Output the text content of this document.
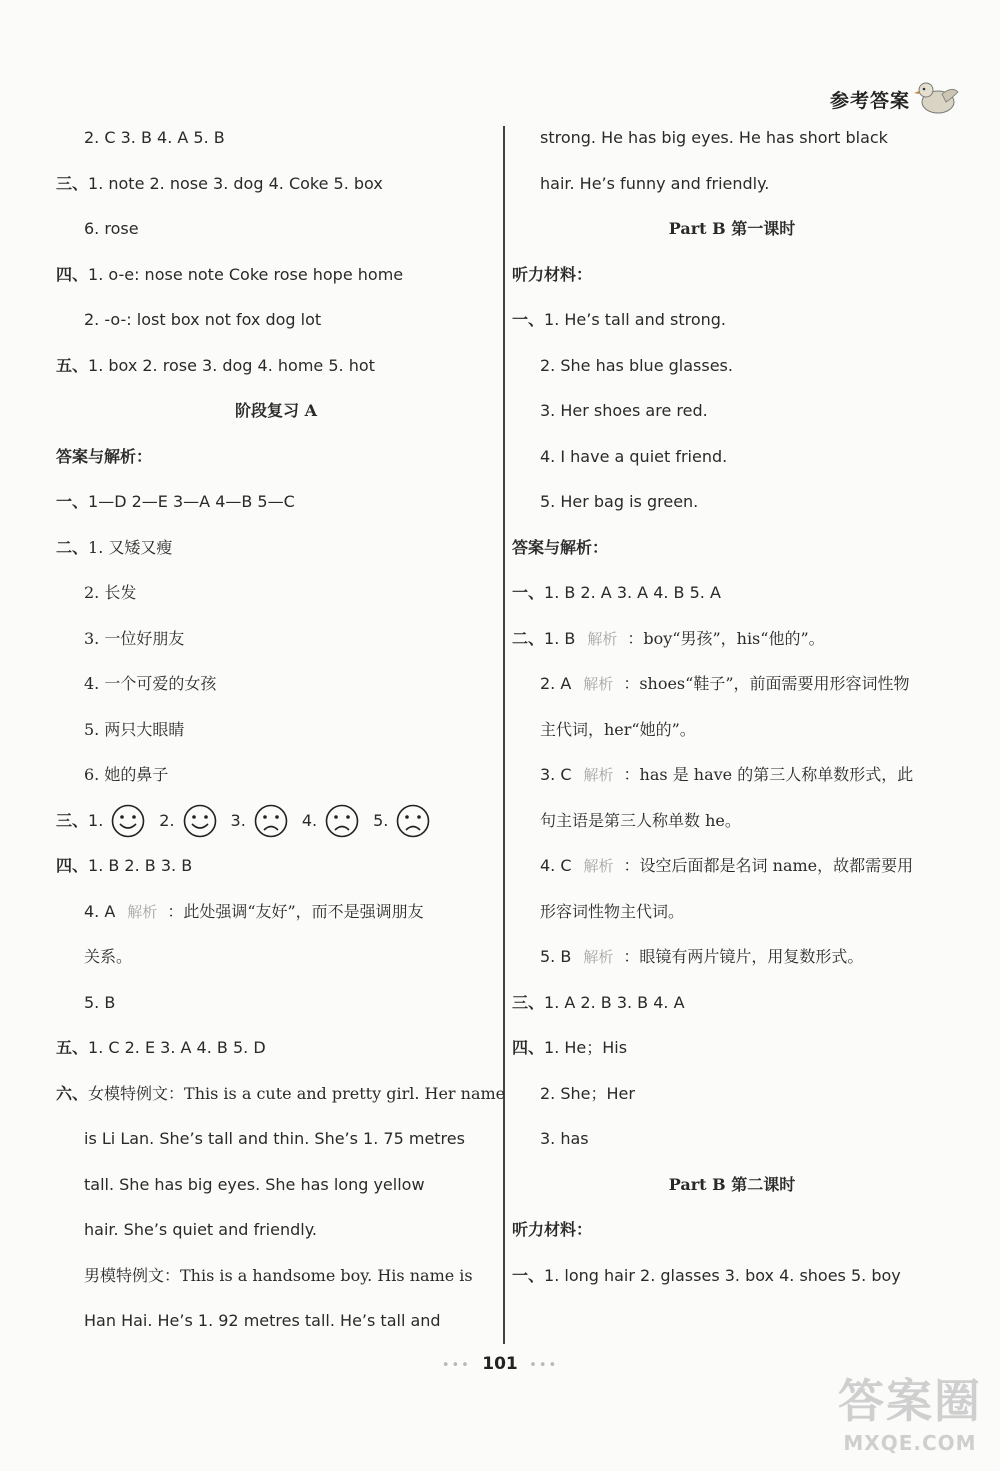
参考答案
2. C 3. B 4. A 5. B
三、1. note 2. nose 3. dog 4. Coke 5. box
6. rose
四、1. o-e: nose note Coke rose hope home
2. -o-: lost box not fox dog lot
五、1. box 2. rose 3. dog 4. home 5. hot
阶段复习 A
答案与解析：
一、1—D 2—E 3—A 4—B 5—C
二、1. 又矮又瘦
2. 长发
3. 一位好朋友
4. 一个可爱的女孩
5. 两只大眼睛
6. 她的鼻子
三、1.	2.	3.	4.	5.
四、1. B 2. B 3. B
4. A 解析 ：此处强调“友好”，而不是强调朋友
关系。
5. B
五、1. C 2. E 3. A 4. B 5. D
六、女模特例文：This is a cute and pretty girl. Her name
is Li Lan. She’s tall and thin. She’s 1. 75 metres
tall. She has big eyes. She has long yellow
hair. She’s quiet and friendly.
男模特例文：This is a handsome boy. His name is
Han Hai. He’s 1. 92 metres tall. He’s tall and
strong. He has big eyes. He has short black
hair. He’s funny and friendly.
Part B 第一课时
听力材料：
一、1. He’s tall and strong.
2. She has blue glasses.
3. Her shoes are red.
4. I have a quiet friend.
5. Her bag is green.
答案与解析：
一、1. B 2. A 3. A 4. B 5. A
二、1. B 解析 ：boy“男孩”，his“他的”。
2. A 解析 ：shoes“鞋子”，前面需要用形容词性物
主代词，her“她的”。
3. C 解析 ：has 是 have 的第三人称单数形式，此
句主语是第三人称单数 he。
4. C 解析 ：设空后面都是名词 name，故都需要用
形容词性物主代词。
5. B 解析 ：眼镜有两片镜片，用复数形式。
三、1. A 2. B 3. B 4. A
四、1. He；His
2. She；Her
3. has
Part B 第二课时
听力材料：
一、1. long hair 2. glasses 3. box 4. shoes 5. boy
••• 101 •••
答案圈
MXQE.COM
